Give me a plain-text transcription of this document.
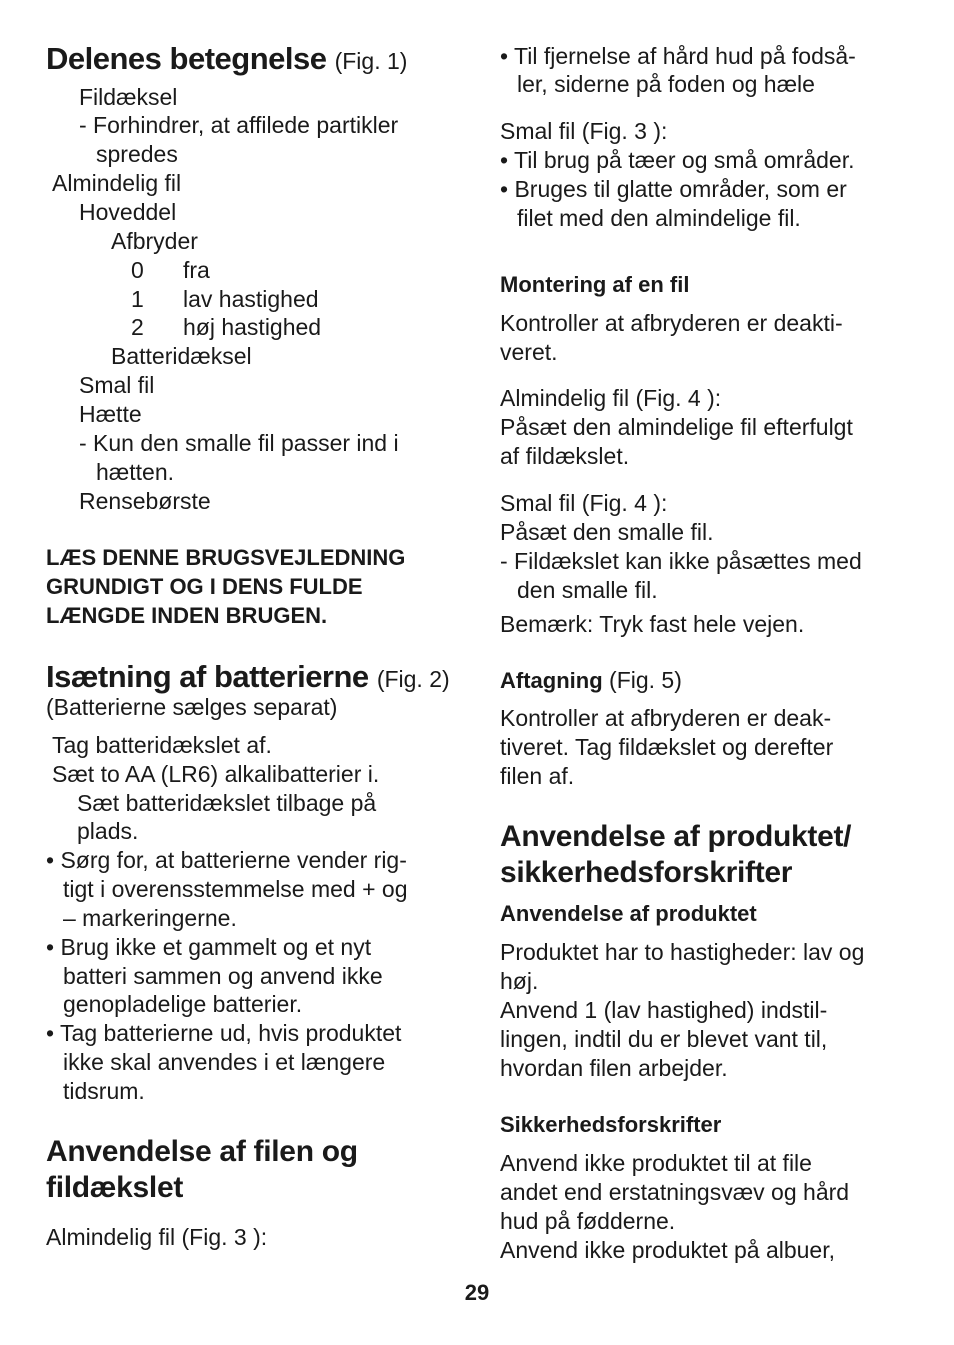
Delenes betegnelse (Fig. 1)
Fildæksel
- Forhindrer, at affilede partikler
spredes
Almindelig fil
Hoveddel
Afbryder
0 fra
1 lav hastighed
2 høj hastighed
Batteridæksel
Smal fil
Hætte
- Kun den smalle fil passer ind i
hætten.
Rensebørste
LÆS DENNE BRUGSVEJLEDNING
GRUNDIGT OG I DENS FULDE
LÆNGDE INDEN BRUGEN.
Isætning af batterierne (Fig. 2)
(Batterierne sælges separat)
Tag batteridækslet af.
Sæt to AA (LR6) alkalibatterier i.
Sæt batteridækslet tilbage på
plads.
• Sørg for, at batterierne vender rig-
tigt i overensstemmelse med + og
– markeringerne.
• Brug ikke et gammelt og et nyt
batteri sammen og anvend ikke
genopladelige batterier.
• Tag batterierne ud, hvis produktet
ikke skal anvendes i et længere
tidsrum.
Anvendelse af filen og
fildækslet
Almindelig fil (Fig. 3 ):
• Til fjernelse af hård hud på fodså-
ler, siderne på foden og hæle
Smal fil (Fig. 3 ):
• Til brug på tæer og små områder.
• Bruges til glatte områder, som er
filet med den almindelige fil.
Montering af en fil
Kontroller at afbryderen er deakti-
veret.
Almindelig fil (Fig. 4 ):
Påsæt den almindelige fil efterfulgt
af fildækslet.
Smal fil (Fig. 4 ):
Påsæt den smalle fil.
- Fildækslet kan ikke påsættes med
den smalle fil.
Bemærk: Tryk fast hele vejen.
Aftagning (Fig. 5)
Kontroller at afbryderen er deak-
tiveret. Tag fildækslet og derefter
filen af.
Anvendelse af produktet/
sikkerhedsforskrifter
Anvendelse af produktet
Produktet har to hastigheder: lav og
høj.
Anvend 1 (lav hastighed) indstil-
lingen, indtil du er blevet vant til,
hvordan filen arbejder.
Sikkerhedsforskrifter
Anvend ikke produktet til at file
andet end erstatningsvæv og hård
hud på fødderne.
Anvend ikke produktet på albuer,
29
